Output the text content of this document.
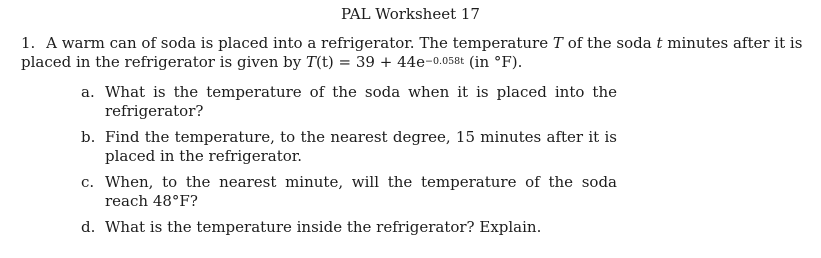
PAL Worksheet 17

1. A warm can of soda is placed into a refrigerator. The temperature T of the soda t minutes after it is placed in the refrigerator is given by $T(t) = 39 + 44e^{-0.058t}$ (in °F).

a. What is the temperature of the soda when it is placed into the refrigerator?
b. Find the temperature, to the nearest degree, 15 minutes after it is placed in the refrigerator.
c. When, to the nearest minute, will the temperature of the soda reach 48°F?
d. What is the temperature inside the refrigerator? Explain.
